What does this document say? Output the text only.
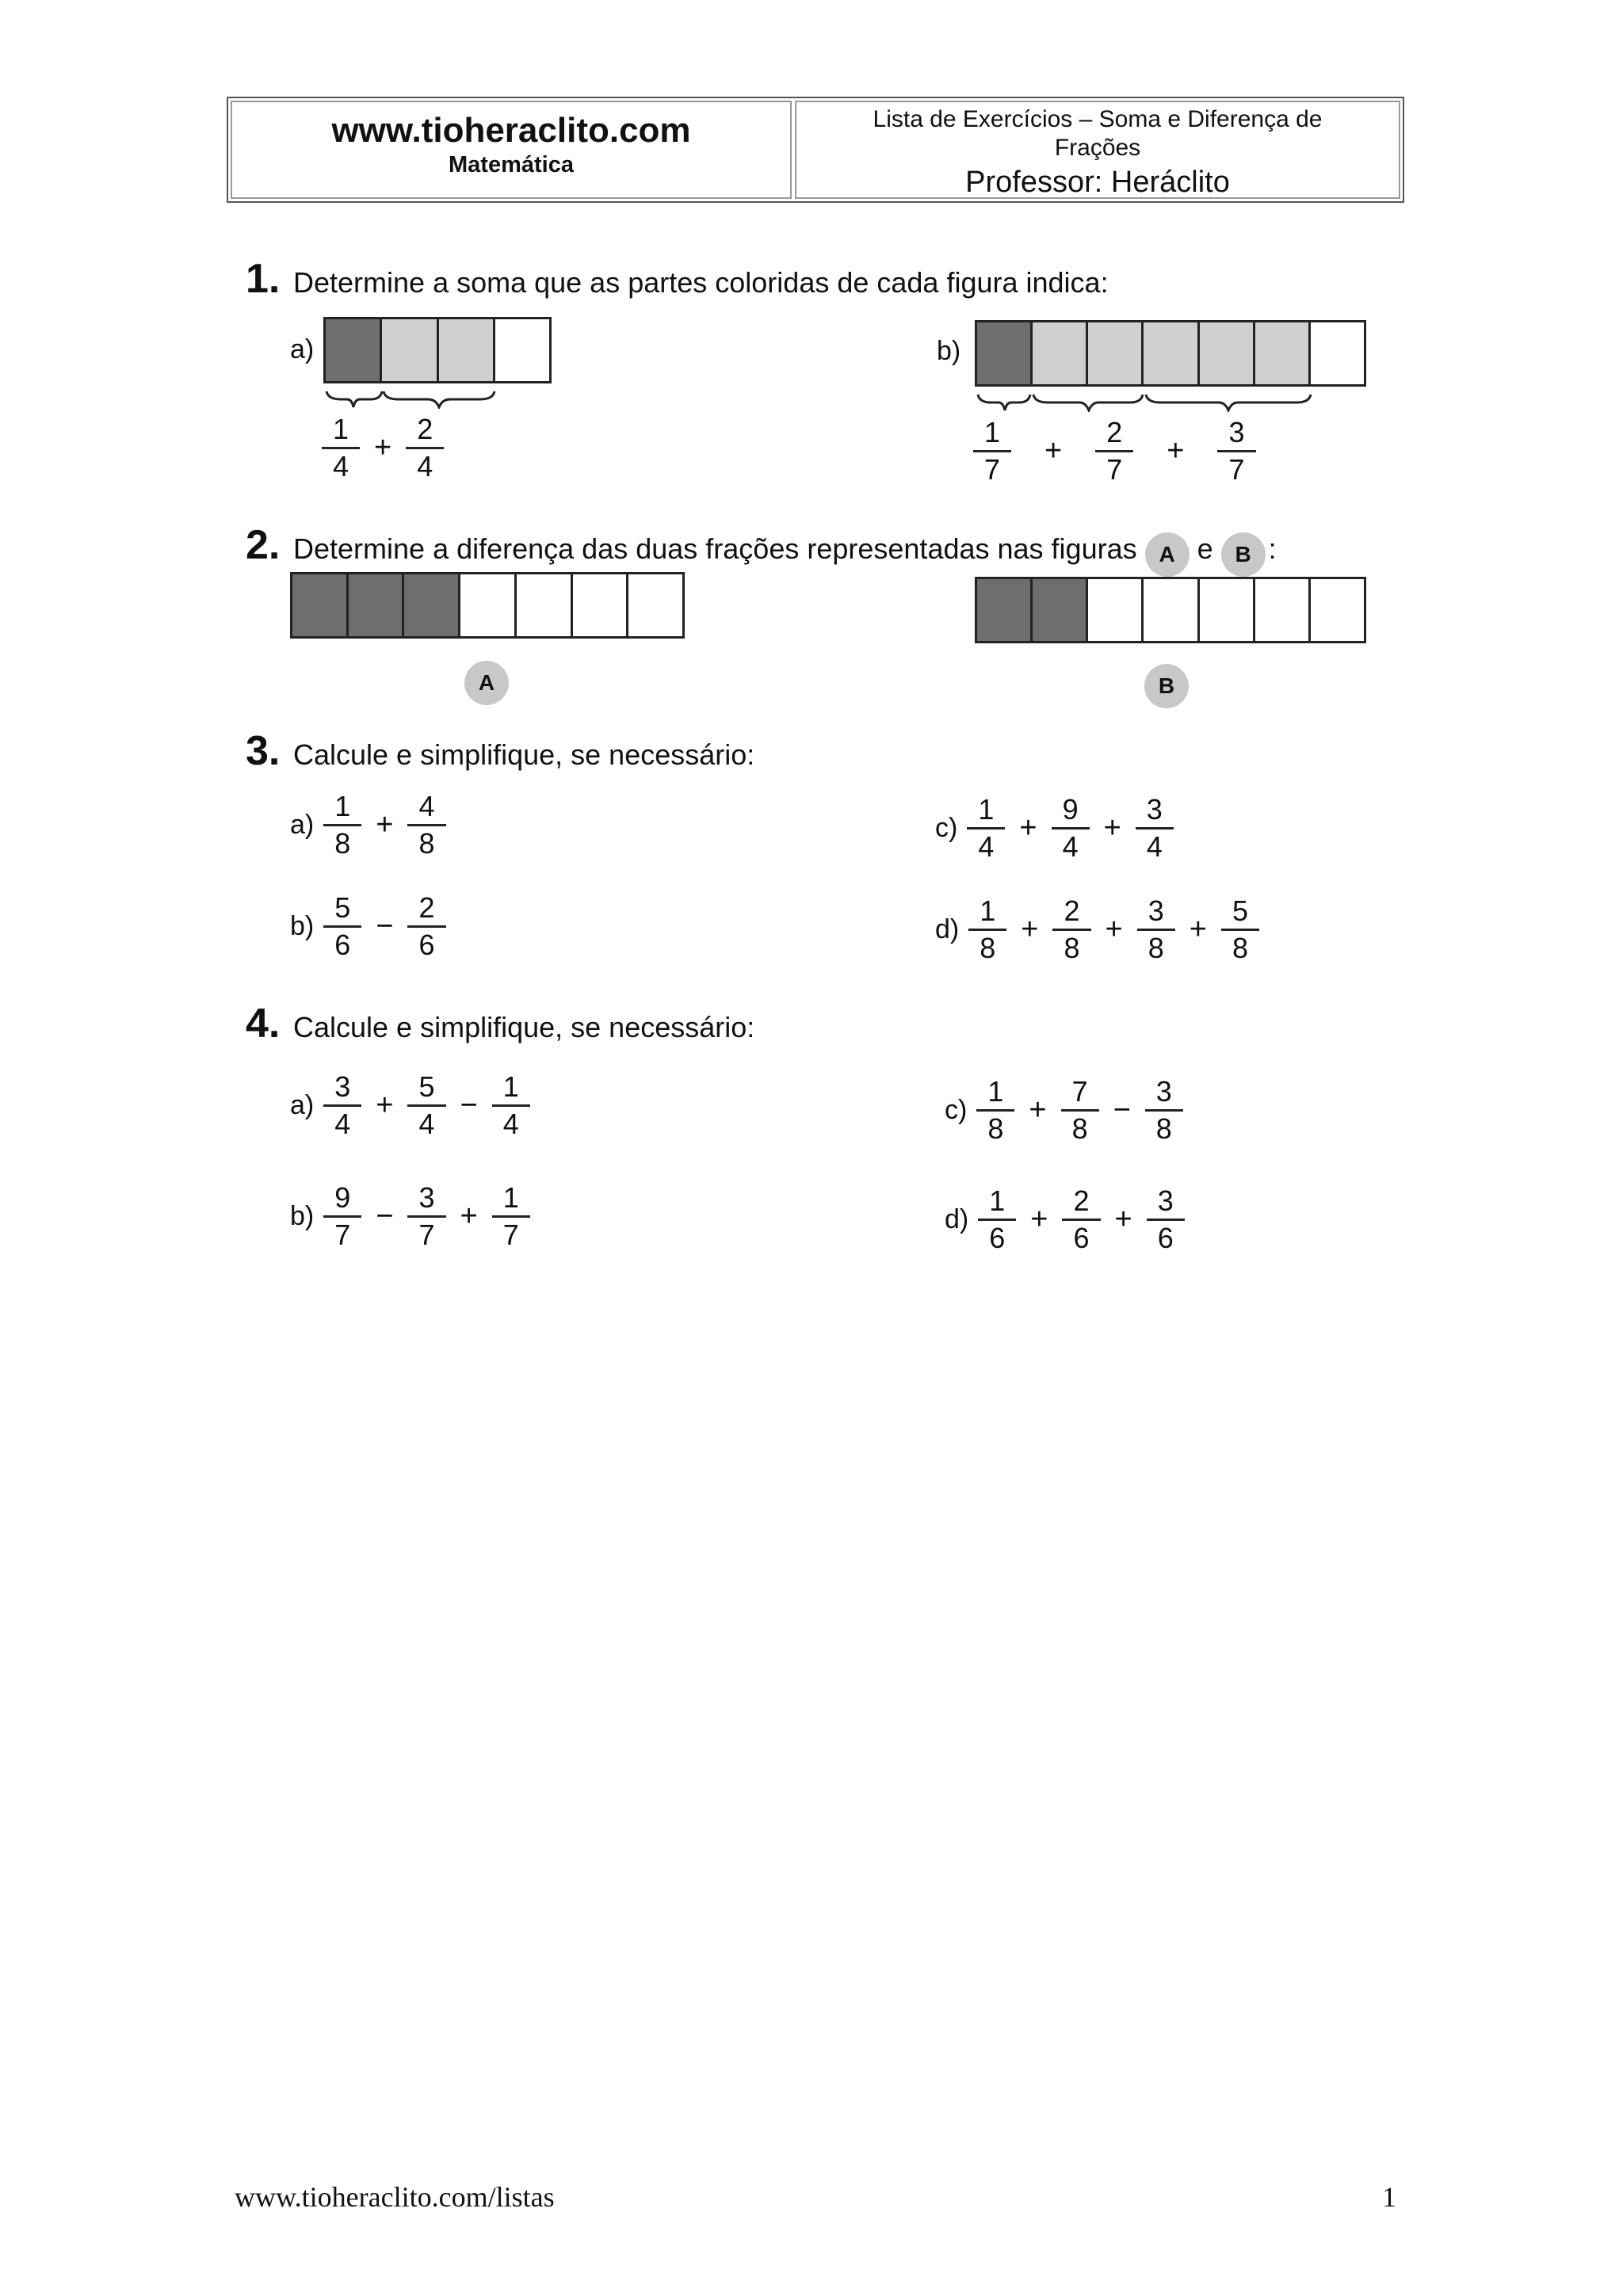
www.tioheraclito.com
Matemática
Lista de Exercícios – Soma e Diferença de Frações
Professor: Heráclito
1. Determine a soma que as partes coloridas de cada figura indica:
a)
$\frac{1}{4} + \frac{2}{4}$
b)
$\frac{1}{7} + \frac{2}{7} + \frac{3}{7}$
2. Determine a diferença das duas frações representadas nas figuras A e B :
A	B
3. Calcule e simplifique, se necessário:
$a) \frac{1}{8} + \frac{4}{8}$
$b) \frac{5}{6} - \frac{2}{6}$
$c) \frac{1}{4} + \frac{9}{4} + \frac{3}{4}$
$d) \frac{1}{8} + \frac{2}{8} + \frac{3}{8} + \frac{5}{8}$
4. Calcule e simplifique, se necessário:
$a) \frac{3}{4} + \frac{5}{4} - \frac{1}{4}$
$b) \frac{9}{7} - \frac{3}{7} + \frac{1}{7}$
$c) \frac{1}{8} + \frac{7}{8} - \frac{3}{8}$
$d) \frac{1}{6} + \frac{2}{6} + \frac{3}{6}$
www.tioheraclito.com/listas	1
